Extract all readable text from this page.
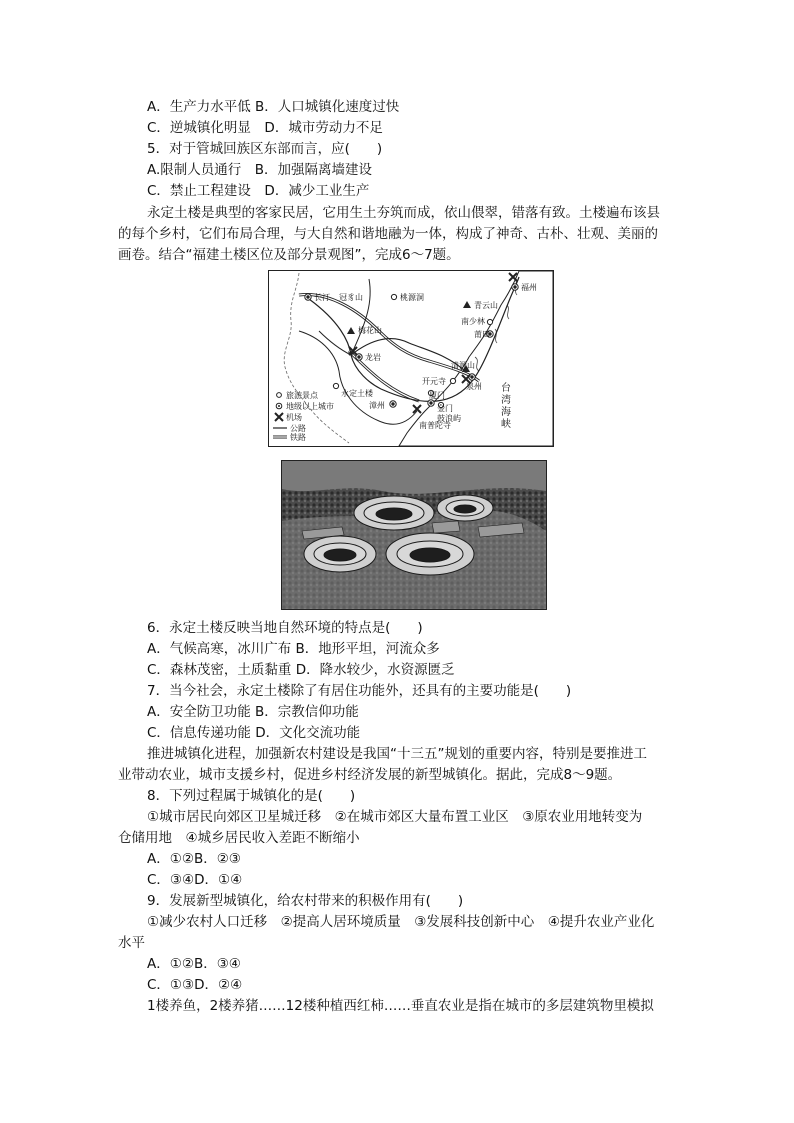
A．生产力水平低 B．人口城镇化速度过快
C．逆城镇化明显　D．城市劳动力不足
5．对于管城回族区东部而言，应(　　)
A.限制人员通行　B．加强隔离墙建设
C．禁止工程建设　D．减少工业生产
永定土楼是典型的客家民居，它用生土夯筑而成，依山偎翠，错落有致。土楼遍布该县
的每个乡村，它们布局合理，与大自然和谐地融为一体，构成了神奇、古朴、壮观、美丽的
画卷。结合“福建土楼区位及部分景观图”，完成6～7题。
长汀 冠豸山	桃源洞
梅花山
龙岩
青云山
南少林
莆田
福州
清源山
开元寺
泉州
永定土楼
漳州
厦门
金门
鼓浪屿
南普陀寺
台湾海峡
旅游景点
地级以上城市
机场
公路
铁路
6．永定土楼反映当地自然环境的特点是(　　)
A．气候高寒，冰川广布 B．地形平坦，河流众多
C．森林茂密，土质黏重 D．降水较少，水资源匮乏
7．当今社会，永定土楼除了有居住功能外，还具有的主要功能是(　　)
A．安全防卫功能 B．宗教信仰功能
C．信息传递功能 D．文化交流功能
推进城镇化进程，加强新农村建设是我国“十三五”规划的重要内容，特别是要推进工
业带动农业，城市支援乡村，促进乡村经济发展的新型城镇化。据此，完成8～9题。
8．下列过程属于城镇化的是(　　)
①城市居民向郊区卫星城迁移　②在城市郊区大量布置工业区　③原农业用地转变为
仓储用地　④城乡居民收入差距不断缩小
A．①②B．②③
C．③④D．①④
9．发展新型城镇化，给农村带来的积极作用有(　　)
①减少农村人口迁移　②提高人居环境质量　③发展科技创新中心　④提升农业产业化
水平
A．①②B．③④
C．①③D．②④
1楼养鱼，2楼养猪……12楼种植西红柿……垂直农业是指在城市的多层建筑物里模拟
